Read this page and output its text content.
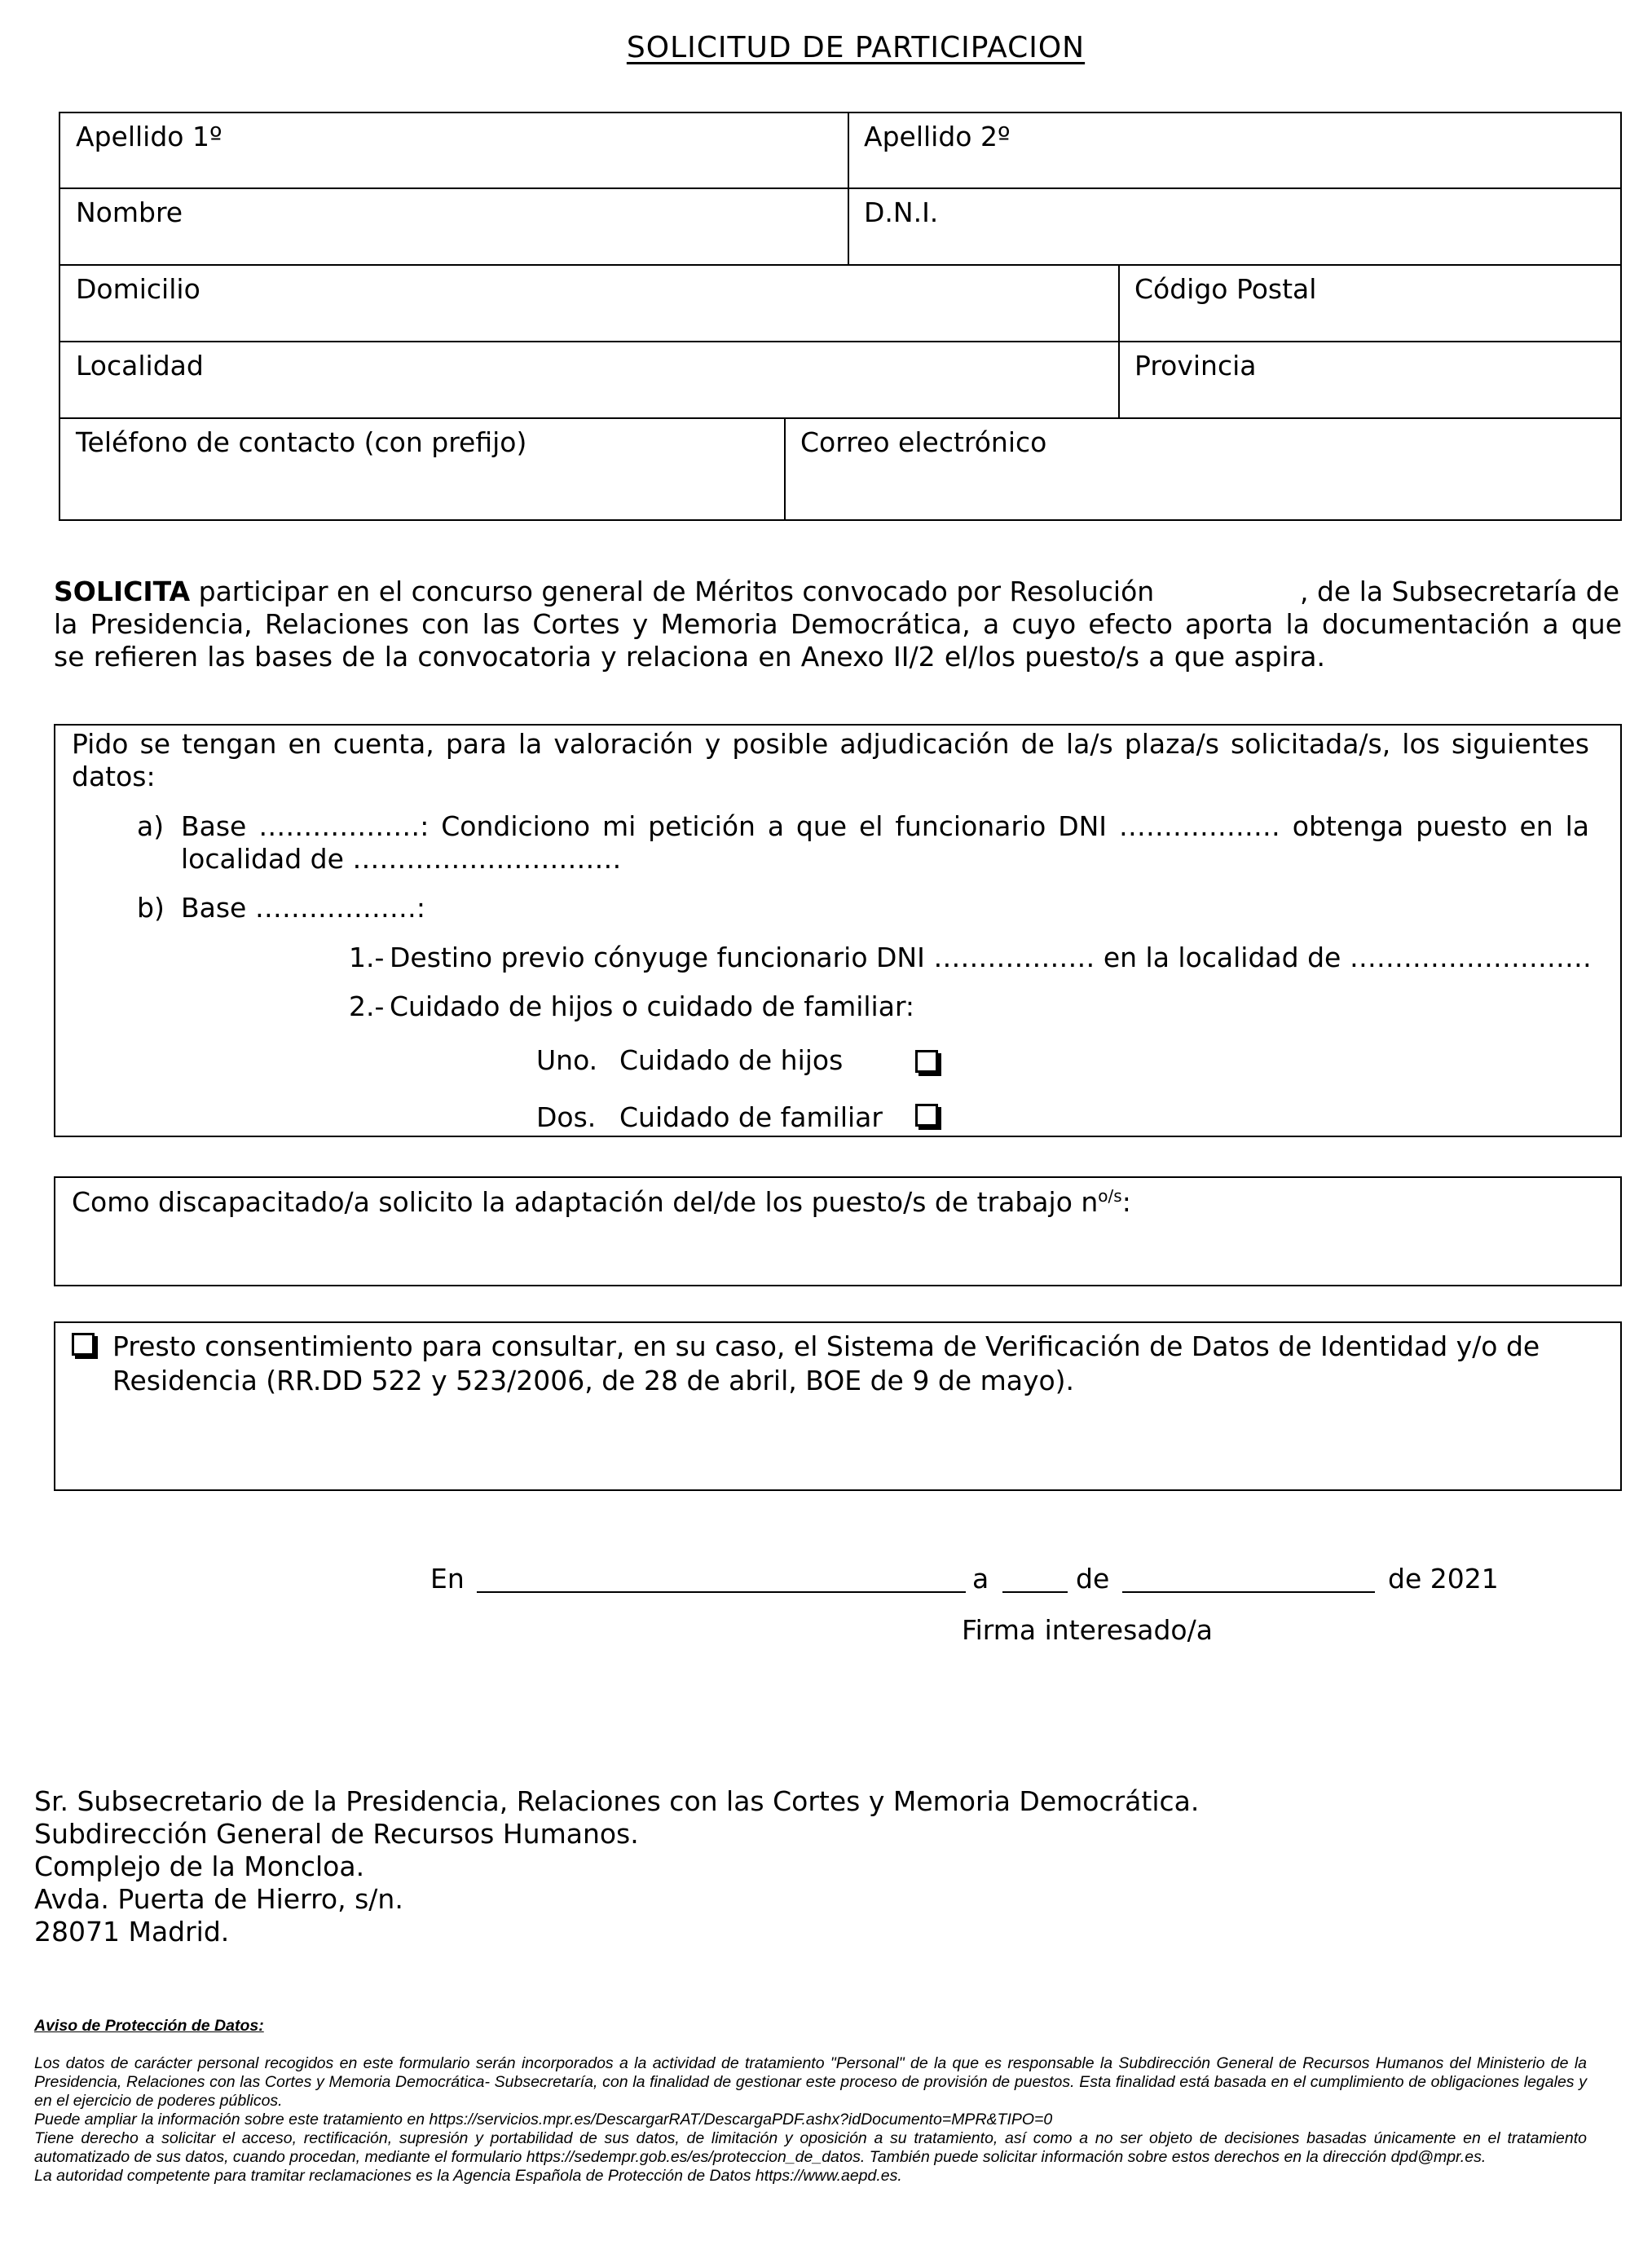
SOLICITUD DE PARTICIPACION
Apellido 1º	Apellido 2º
Nombre	D.N.I.
Domicilio	Código Postal
Localidad	Provincia
Teléfono de contacto (con prefijo)	Correo electrónico
SOLICITA participar en el concurso general de Méritos convocado por Resolución	, de la Subsecretaría de
la Presidencia, Relaciones con las Cortes y Memoria Democrática, a cuyo efecto aporta la documentación a que
se refieren las bases de la convocatoria y relaciona en Anexo II/2 el/los puesto/s a que aspira.
Pido se tengan en cuenta, para la valoración y posible adjudicación de la/s plaza/s solicitada/s, los siguientes
datos:
a) Base ………………: Condiciono mi petición a que el funcionario DNI ……………… obtenga puesto en la
localidad de …………………………
b) Base ………………:
1.- Destino previo cónyuge funcionario DNI ……………… en la localidad de ………………………
2.- Cuidado de hijos o cuidado de familiar:
Uno. Cuidado de hijos
Dos. Cuidado de familiar
Como discapacitado/a solicito la adaptación del/de los puesto/s de trabajo $n^{o/s}$:
Presto consentimiento para consultar, en su caso, el Sistema de Verificación de Datos de Identidad y/o de
Residencia (RR.DD 522 y 523/2006, de 28 de abril, BOE de 9 de mayo).
En	a	de	de 2021
Firma interesado/a
Sr. Subsecretario de la Presidencia, Relaciones con las Cortes y Memoria Democrática.
Subdirección General de Recursos Humanos.
Complejo de la Moncloa.
Avda. Puerta de Hierro, s/n.
28071 Madrid.
Aviso de Protección de Datos:
Los datos de carácter personal recogidos en este formulario serán incorporados a la actividad de tratamiento "Personal" de la que es responsable la Subdirección General de Recursos Humanos del Ministerio de la Presidencia, Relaciones con las Cortes y Memoria Democrática- Subsecretaría, con la finalidad de gestionar este proceso de provisión de puestos. Esta finalidad está basada en el cumplimiento de obligaciones legales y en el ejercicio de poderes públicos.
Puede ampliar la información sobre este tratamiento en https://servicios.mpr.es/DescargarRAT/DescargaPDF.ashx?idDocumento=MPR&TIPO=0
Tiene derecho a solicitar el acceso, rectificación, supresión y portabilidad de sus datos, de limitación y oposición a su tratamiento, así como a no ser objeto de decisiones basadas únicamente en el tratamiento automatizado de sus datos, cuando procedan, mediante el formulario https://sedempr.gob.es/es/proteccion_de_datos. También puede solicitar información sobre estos derechos en la dirección dpd@mpr.es.
La autoridad competente para tramitar reclamaciones es la Agencia Española de Protección de Datos https://www.aepd.es.
